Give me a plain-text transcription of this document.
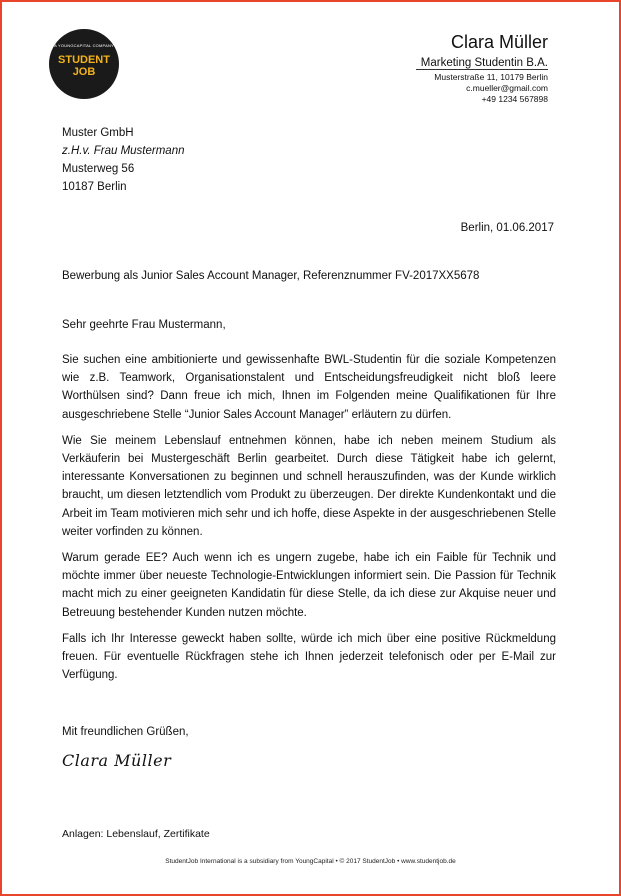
A YOUNGCAPITAL COMPANY
STUDENT
JOB
Clara Müller
Marketing Studentin B.A.
Musterstraße 11, 10179 Berlin
c.mueller@gmail.com
+49 1234 567898
Muster GmbH
z.H.v. Frau Mustermann
Musterweg 56
10187 Berlin
Berlin, 01.06.2017
Bewerbung als Junior Sales Account Manager, Referenznummer FV-2017XX5678
Sehr geehrte Frau Mustermann,

Sie suchen eine ambitionierte und gewissenhafte BWL-Studentin für die soziale Kompetenzen wie z.B. Teamwork, Organisationstalent und Entscheidungsfreudigkeit nicht bloß leere Worthülsen sind? Dann freue ich mich, Ihnen im Folgenden meine Qualifikationen für Ihre ausgeschriebene Stelle “Junior Sales Account Manager” erläutern zu dürfen.

Wie Sie meinem Lebenslauf entnehmen können, habe ich neben meinem Studium als Verkäuferin bei Mustergeschäft Berlin gearbeitet. Durch diese Tätigkeit habe ich gelernt, interessante Konversationen zu beginnen und schnell herauszufinden, was der Kunde wirklich braucht, um diesen letztendlich vom Produkt zu überzeugen. Der direkte Kundenkontakt und die Arbeit im Team motivieren mich sehr und ich hoffe, diese Aspekte in der ausgeschriebenen Stelle weiter vorfinden zu können.

Warum gerade EE? Auch wenn ich es ungern zugebe, habe ich ein Faible für Technik und möchte immer über neueste Technologie-Entwicklungen informiert sein. Die Passion für Technik macht mich zu einer geeigneten Kandidatin für diese Stelle, da ich diese zur Akquise neuer und Betreuung bestehender Kunden nutzen möchte.

Falls ich Ihr Interesse geweckt haben sollte, würde ich mich über eine positive Rückmeldung freuen. Für eventuelle Rückfragen stehe ich Ihnen jederzeit telefonisch oder per E-Mail zur Verfügung.

Mit freundlichen Grüßen,
Clara Müller
Anlagen: Lebenslauf, Zertifikate
StudentJob International is a subsidiary from YoungCapital • © 2017 StudentJob • www.studentjob.de
